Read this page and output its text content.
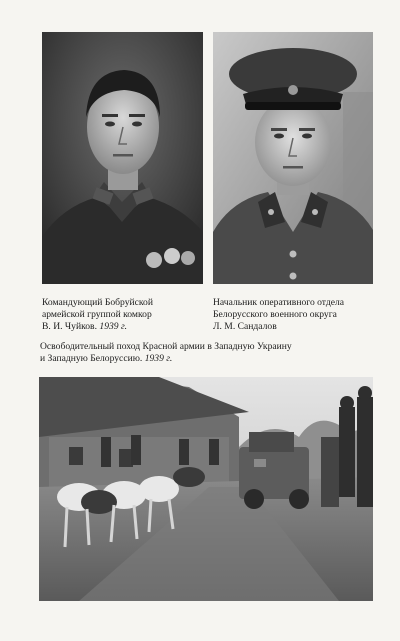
Командующий Бобруйской
армейской группой комкор
В. И. Чуйков. 1939 г.
Начальник оперативного отдела
Белорусского военного округа
Л. М. Сандалов
Освободительный поход Красной армии в Западную Украину
и Западную Белоруссию. 1939 г.
